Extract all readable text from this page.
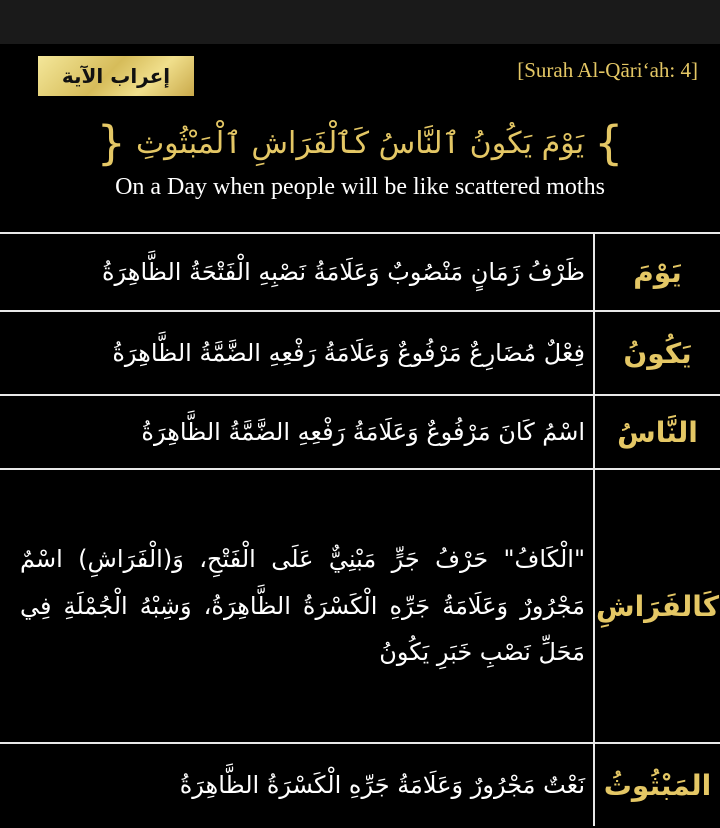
إعراب الآية	[Surah Al-Qāri‘ah: 4]
} يَوْمَ يَكُونُ ٱلنَّاسُ كَٱلْفَرَاشِ ٱلْمَبْثُوثِ {
On a Day when people will be like scattered moths
يَوْمَ
ظَرْفُ زَمَانٍ مَنْصُوبٌ وَعَلَامَةُ نَصْبِهِ الْفَتْحَةُ الظَّاهِرَةُ
يَكُونُ
فِعْلٌ مُضَارِعٌ مَرْفُوعٌ وَعَلَامَةُ رَفْعِهِ الضَّمَّةُ الظَّاهِرَةُ
النَّاسُ
اسْمُ كَانَ مَرْفُوعٌ وَعَلَامَةُ رَفْعِهِ الضَّمَّةُ الظَّاهِرَةُ
كَالفَرَاشِ
"الْكَافُ" حَرْفُ جَرٍّ مَبْنِيٌّ عَلَى الْفَتْحِ، وَ(الْفَرَاشِ) اسْمٌ مَجْرُورٌ وَعَلَامَةُ جَرِّهِ الْكَسْرَةُ الظَّاهِرَةُ، وَشِبْهُ الْجُمْلَةِ فِي مَحَلِّ نَصْبِ خَبَرِ يَكُونُ
المَبْثُوثُ
نَعْتٌ مَجْرُورٌ وَعَلَامَةُ جَرِّهِ الْكَسْرَةُ الظَّاهِرَةُ
